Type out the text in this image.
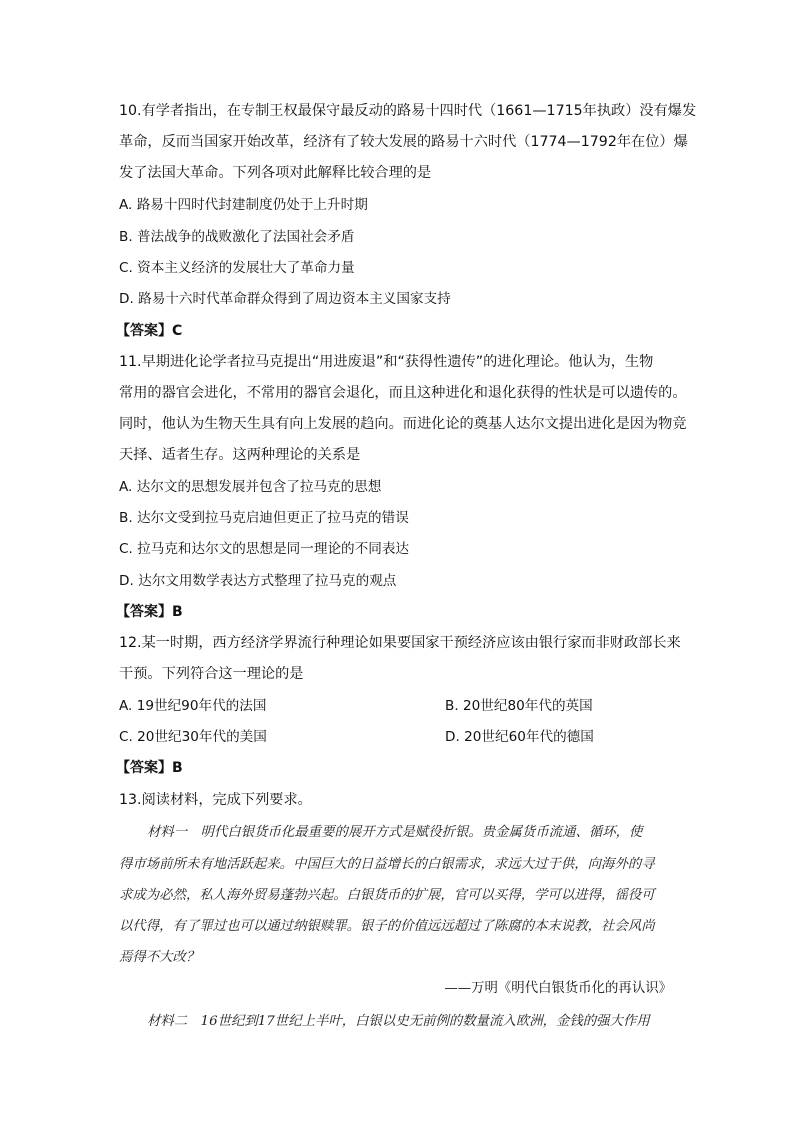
10.有学者指出，在专制王权最保守最反动的路易十四时代（1661—1715年执政）没有爆发
革命，反而当国家开始改革，经济有了较大发展的路易十六时代（1774—1792年在位）爆
发了法国大革命。下列各项对此解释比较合理的是
A. 路易十四时代封建制度仍处于上升时期
B. 普法战争的战败激化了法国社会矛盾
C. 资本主义经济的发展壮大了革命力量
D. 路易十六时代革命群众得到了周边资本主义国家支持
【答案】C
11.早期进化论学者拉马克提出“用进废退”和“获得性遗传”的进化理论。他认为，生物
常用的器官会进化，不常用的器官会退化，而且这种进化和退化获得的性状是可以遗传的。
同时，他认为生物天生具有向上发展的趋向。而进化论的奠基人达尔文提出进化是因为物竞
天择、适者生存。这两种理论的关系是
A. 达尔文的思想发展并包含了拉马克的思想
B. 达尔文受到拉马克启迪但更正了拉马克的错误
C. 拉马克和达尔文的思想是同一理论的不同表达
D. 达尔文用数学表达方式整理了拉马克的观点
【答案】B
12.某一时期，西方经济学界流行种理论如果要国家干预经济应该由银行家而非财政部长来
干预。下列符合这一理论的是
A. 19世纪90年代的法国	B. 20世纪80年代的英国
C. 20世纪30年代的美国	D. 20世纪60年代的德国
【答案】B
13.阅读材料，完成下列要求。
材料一　明代白银货币化最重要的展开方式是赋役折银。贵金属货币流通、循环，使
得市场前所未有地活跃起来。中国巨大的日益增长的白银需求，求远大过于供，向海外的寻
求成为必然，私人海外贸易蓬勃兴起。白银货币的扩展，官可以买得，学可以进得，徭役可
以代得，有了罪过也可以通过纳银赎罪。银子的价值远远超过了陈腐的本末说教，社会风尚
焉得不大改？
——万明《明代白银货币化的再认识》
材料二　16世纪到17世纪上半叶，白银以史无前例的数量流入欧洲，金钱的强大作用
